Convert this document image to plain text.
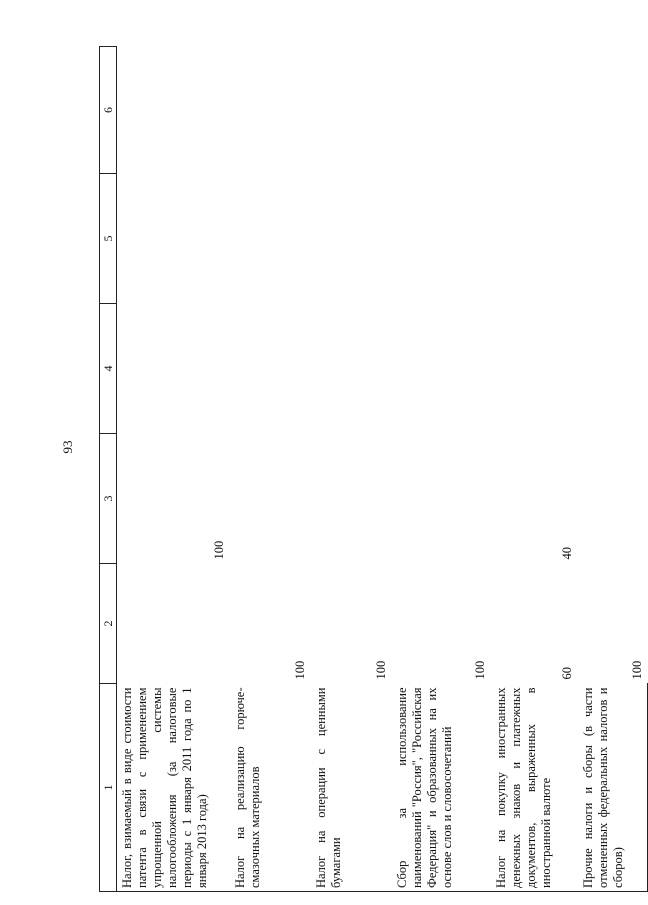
93
1	2	3	4	5	6
Налог, взимаемый в виде стоимости патента в связи с применением упрощенной системы налогообложения (за налоговые периоды с 1 января 2011 года по 1 января 2013 года)		100			
Налог на реализацию горюче-смазочных материалов	100				
Налог на операции с ценными бумагами	100				
Сбор за использование наименований "Россия", "Российская Федерация" и образованных на их основе слов и словосочетаний	100				
Налог на покупку иностранных денежных знаков и платежных документов, выраженных в иностранной валюте	60	40			
Прочие налоги и сборы (в части отмененных федеральных налогов и сборов)	100				
